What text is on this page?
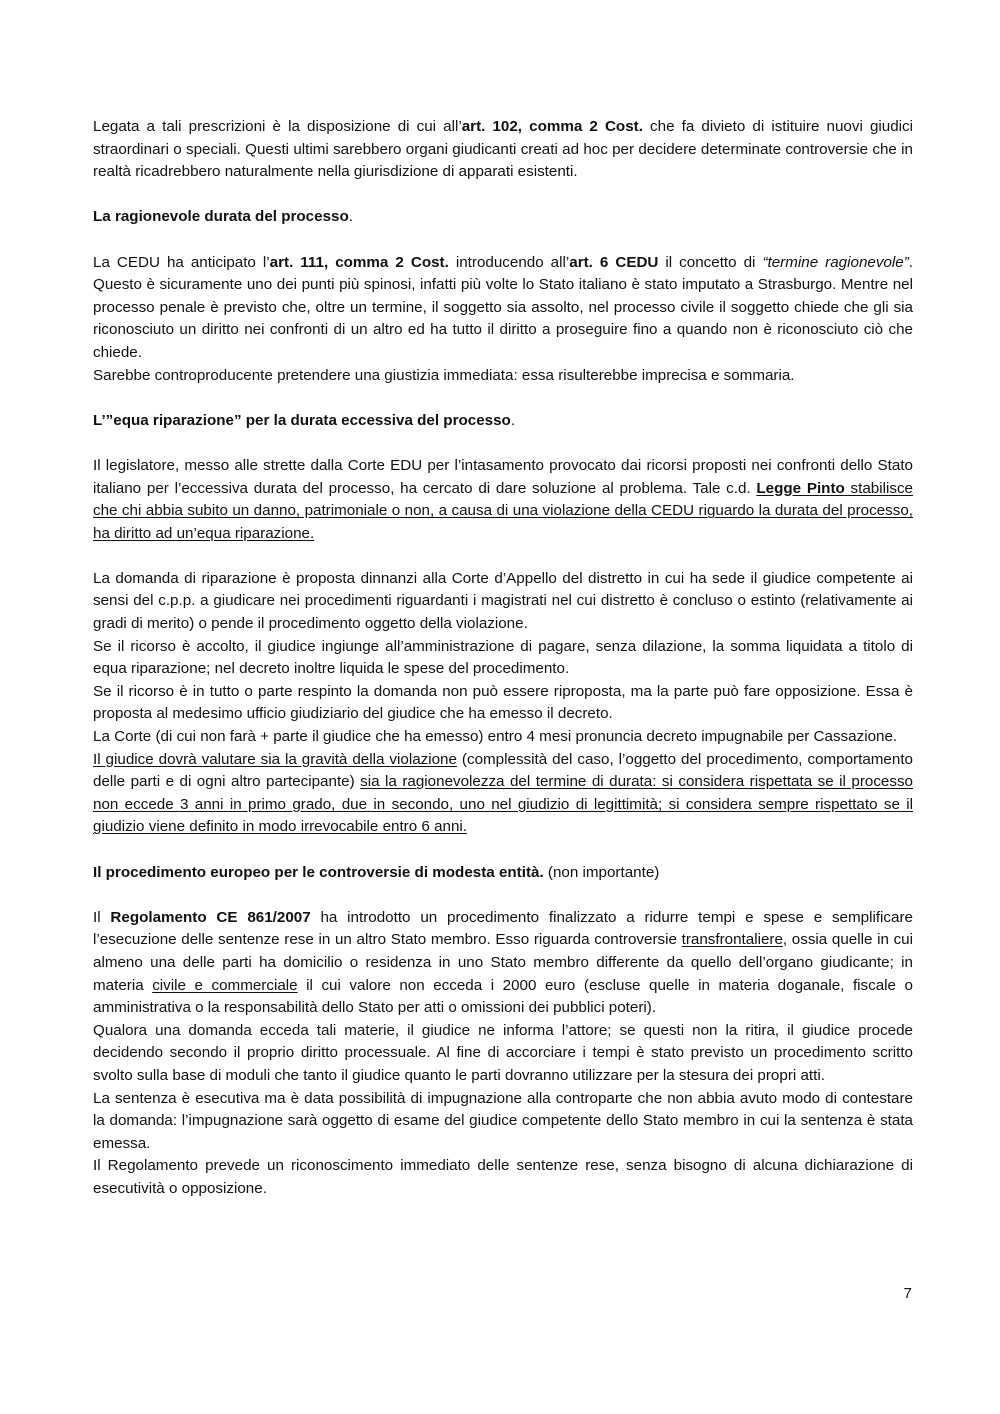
Legata a tali prescrizioni è la disposizione di cui all’art. 102, comma 2 Cost. che fa divieto di istituire nuovi giudici straordinari o speciali. Questi ultimi sarebbero organi giudicanti creati ad hoc per decidere determinate controversie che in realtà ricadrebbero naturalmente nella giurisdizione di apparati esistenti.

La ragionevole durata del processo.

La CEDU ha anticipato l’art. 111, comma 2 Cost. introducendo all’art. 6 CEDU il concetto di “termine ragionevole”. Questo è sicuramente uno dei punti più spinosi, infatti più volte lo Stato italiano è stato imputato a Strasburgo. Mentre nel processo penale è previsto che, oltre un termine, il soggetto sia assolto, nel processo civile il soggetto chiede che gli sia riconosciuto un diritto nei confronti di un altro ed ha tutto il diritto a proseguire fino a quando non è riconosciuto ciò che chiede.

Sarebbe controproducente pretendere una giustizia immediata: essa risulterebbe imprecisa e sommaria.

L’”equa riparazione” per la durata eccessiva del processo.

Il legislatore, messo alle strette dalla Corte EDU per l’intasamento provocato dai ricorsi proposti nei confronti dello Stato italiano per l’eccessiva durata del processo, ha cercato di dare soluzione al problema. Tale c.d. Legge Pinto stabilisce che chi abbia subito un danno, patrimoniale o non, a causa di una violazione della CEDU riguardo la durata del processo, ha diritto ad un’equa riparazione.

La domanda di riparazione è proposta dinnanzi alla Corte d’Appello del distretto in cui ha sede il giudice competente ai sensi del c.p.p. a giudicare nei procedimenti riguardanti i magistrati nel cui distretto è concluso o estinto (relativamente ai gradi di merito) o pende il procedimento oggetto della violazione.

Se il ricorso è accolto, il giudice ingiunge all’amministrazione di pagare, senza dilazione, la somma liquidata a titolo di equa riparazione; nel decreto inoltre liquida le spese del procedimento.

Se il ricorso è in tutto o parte respinto la domanda non può essere riproposta, ma la parte può fare opposizione. Essa è proposta al medesimo ufficio giudiziario del giudice che ha emesso il decreto.

La Corte (di cui non farà + parte il giudice che ha emesso) entro 4 mesi pronuncia decreto impugnabile per Cassazione.

Il giudice dovrà valutare sia la gravità della violazione (complessità del caso, l’oggetto del procedimento, comportamento delle parti e di ogni altro partecipante) sia la ragionevolezza del termine di durata: si considera rispettata se il processo non eccede 3 anni in primo grado, due in secondo, uno nel giudizio di legittimità; si considera sempre rispettato se il giudizio viene definito in modo irrevocabile entro 6 anni.

Il procedimento europeo per le controversie di modesta entità. (non importante)

Il Regolamento CE 861/2007 ha introdotto un procedimento finalizzato a ridurre tempi e spese e semplificare l’esecuzione delle sentenze rese in un altro Stato membro. Esso riguarda controversie transfrontaliere, ossia quelle in cui almeno una delle parti ha domicilio o residenza in uno Stato membro differente da quello dell’organo giudicante; in materia civile e commerciale il cui valore non ecceda i 2000 euro (escluse quelle in materia doganale, fiscale o amministrativa o la responsabilità dello Stato per atti o omissioni dei pubblici poteri).

Qualora una domanda ecceda tali materie, il giudice ne informa l’attore; se questi non la ritira, il giudice procede decidendo secondo il proprio diritto processuale. Al fine di accorciare i tempi è stato previsto un procedimento scritto svolto sulla base di moduli che tanto il giudice quanto le parti dovranno utilizzare per la stesura dei propri atti.

La sentenza è esecutiva ma è data possibilità di impugnazione alla controparte che non abbia avuto modo di contestare la domanda: l’impugnazione sarà oggetto di esame del giudice competente dello Stato membro in cui la sentenza è stata emessa.

Il Regolamento prevede un riconoscimento immediato delle sentenze rese, senza bisogno di alcuna dichiarazione di esecutività o opposizione.

7
